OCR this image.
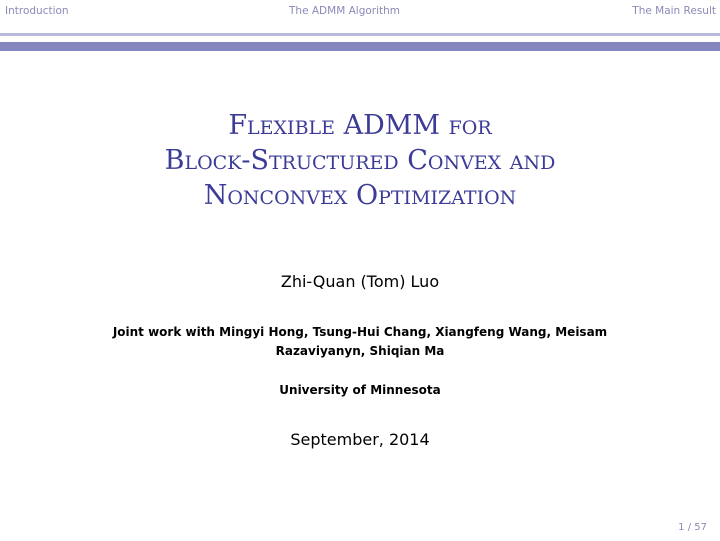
Introduction	The ADMM Algorithm	The Main Result
Flexible ADMM for
Block-Structured Convex and
Nonconvex Optimization
Zhi-Quan (Tom) Luo
Joint work with Mingyi Hong, Tsung-Hui Chang, Xiangfeng Wang, Meisam
Razaviyanyn, Shiqian Ma
University of Minnesota
September, 2014
1 / 57
